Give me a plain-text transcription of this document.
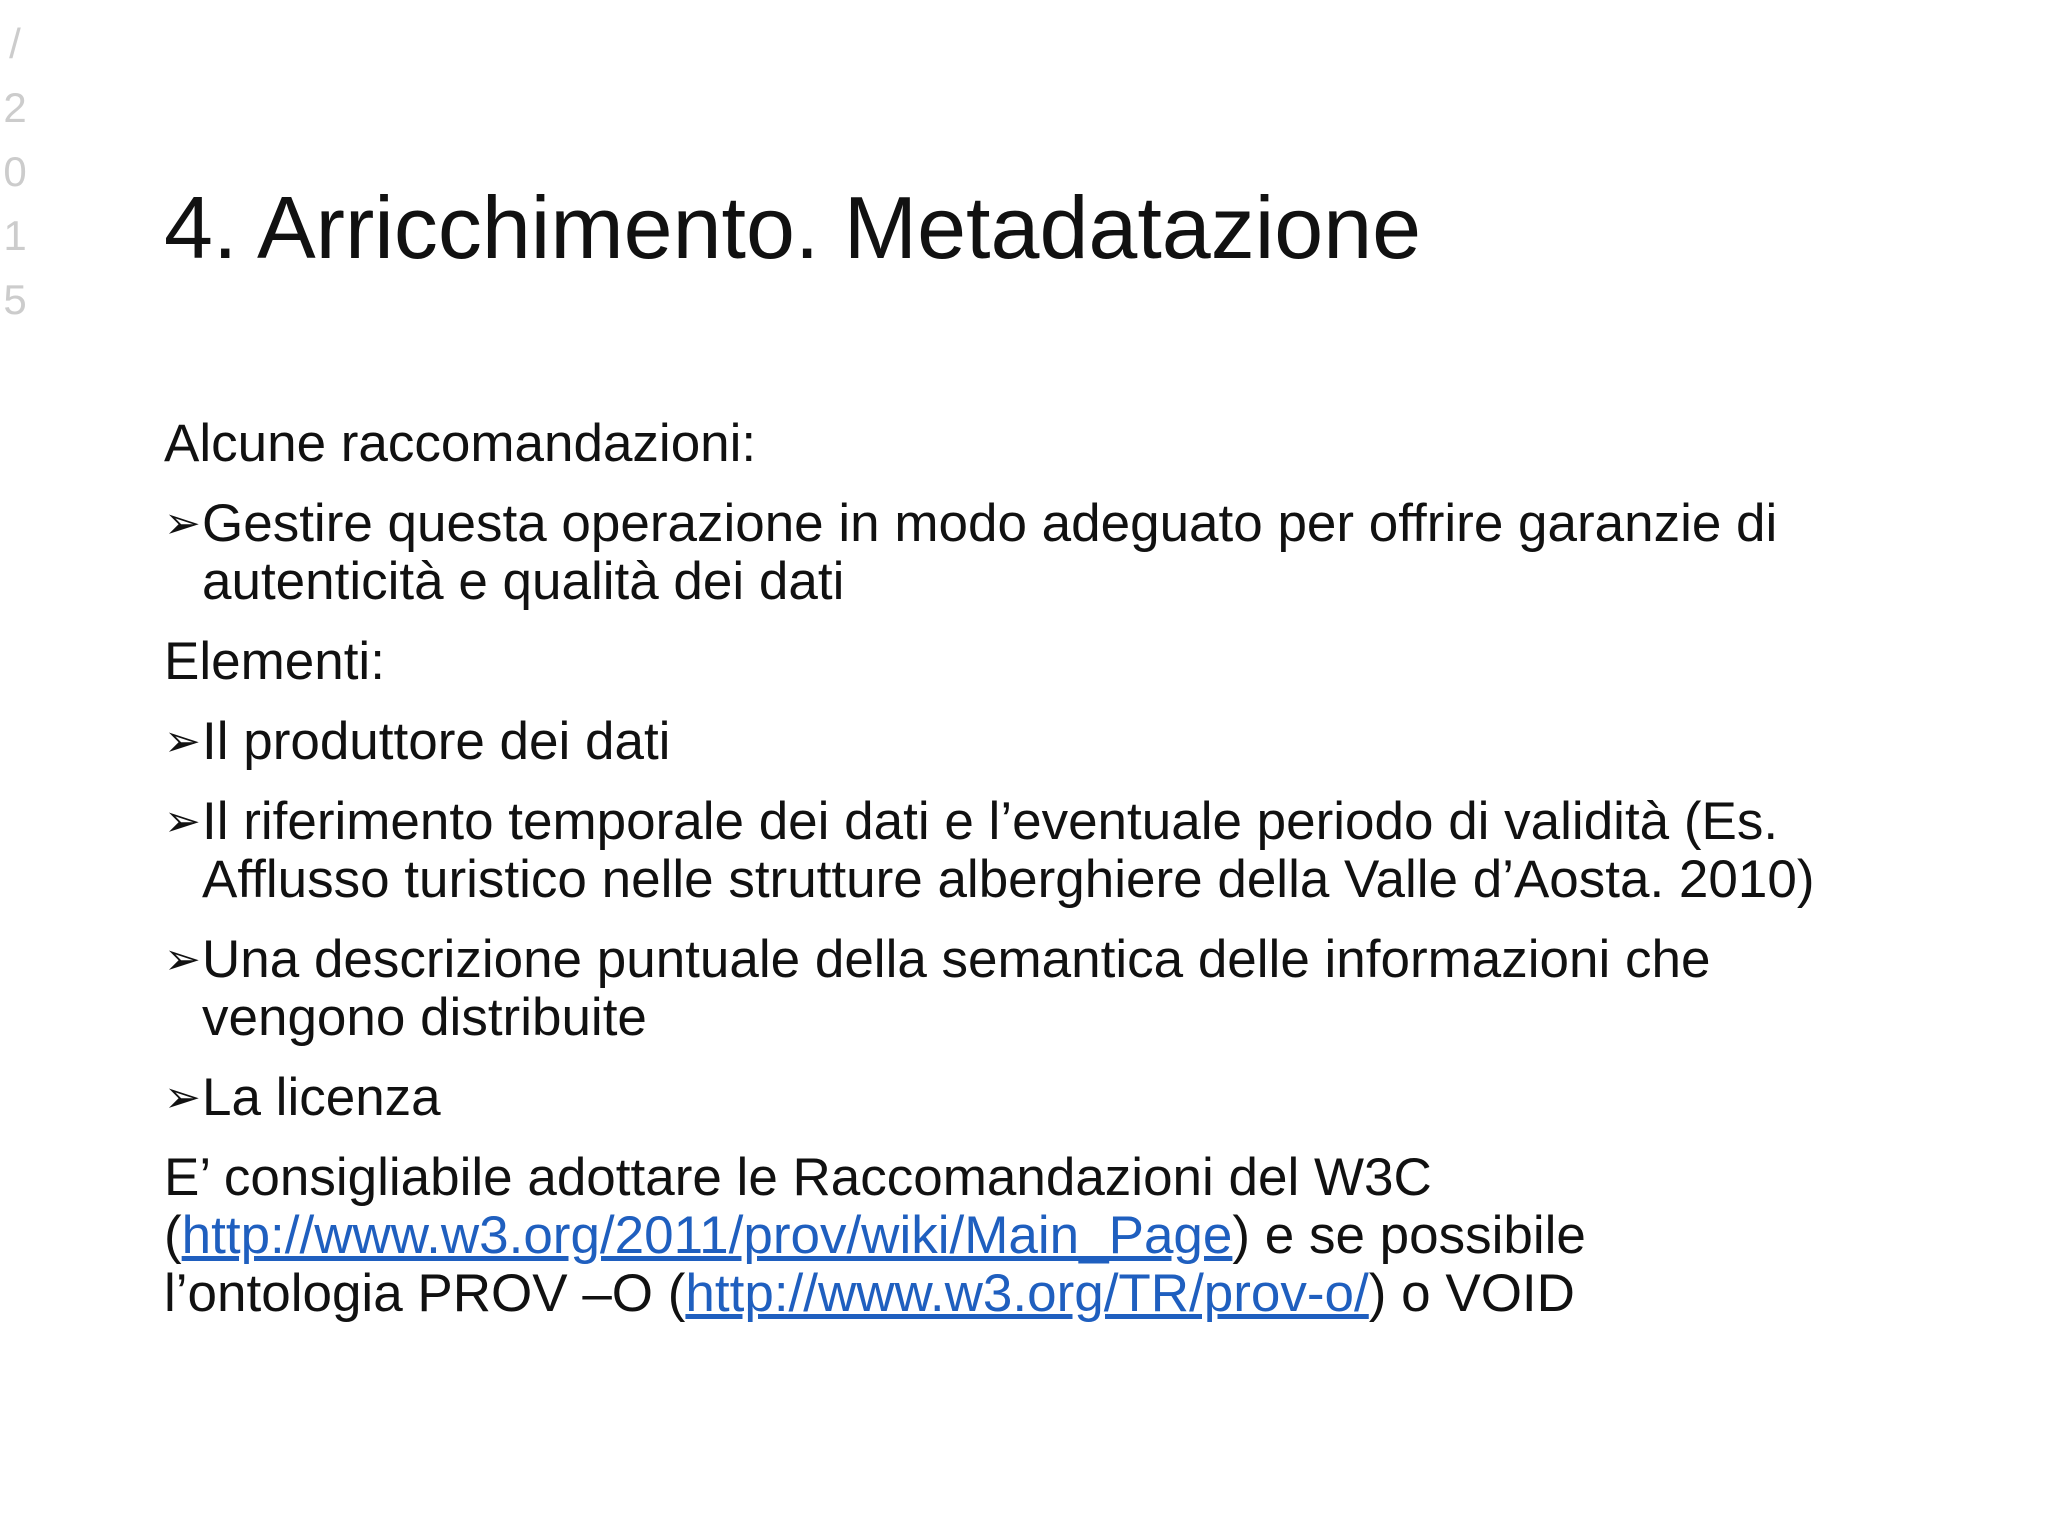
/
2
0
1
5
4. Arricchimento. Metadatazione

Alcune raccomandazioni:

➢ Gestire questa operazione in modo adeguato per offrire garanzie di
autenticità e qualità dei dati

Elementi:

➢ Il produttore dei dati
➢ Il riferimento temporale dei dati e l’eventuale periodo di validità (Es.
Afflusso turistico nelle strutture alberghiere della Valle d’Aosta. 2010)
➢ Una descrizione puntuale della semantica delle informazioni che
vengono distribuite
➢ La licenza
E’ consigliabile adottare le Raccomandazioni del W3C
(http://www.w3.org/2011/prov/wiki/Main_Page) e se possibile
l’ontologia PROV –O (http://www.w3.org/TR/prov-o/) o VOID
